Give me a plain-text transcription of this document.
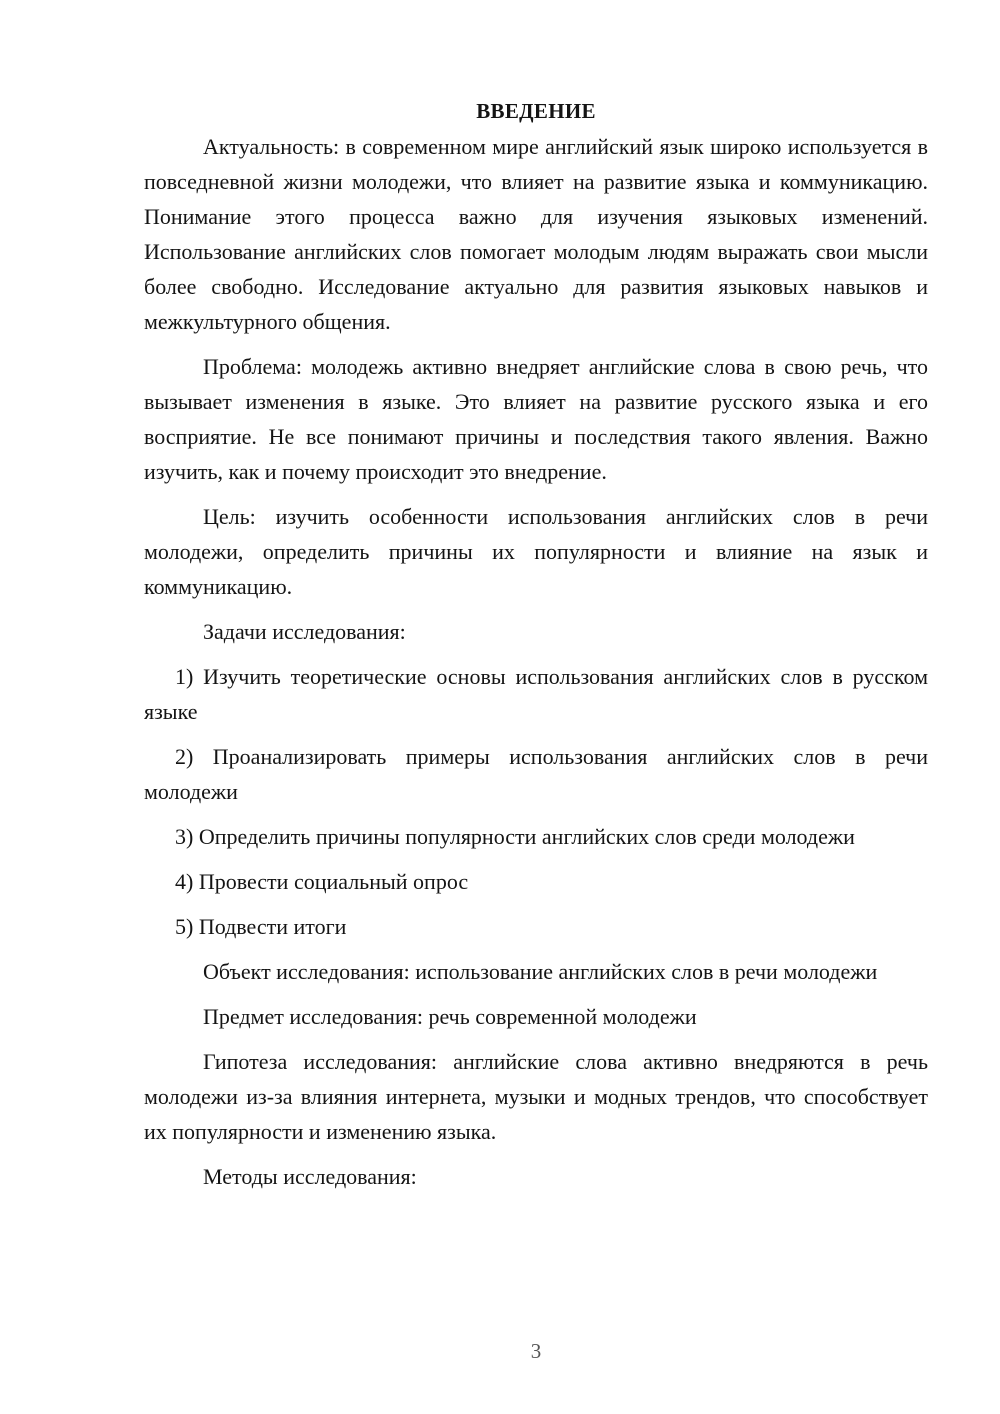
ВВЕДЕНИЕ

Актуальность: в современном мире английский язык широко используется в повседневной жизни молодежи, что влияет на развитие языка и коммуникацию. Понимание этого процесса важно для изучения языковых изменений. Использование английских слов помогает молодым людям выражать свои мысли более свободно. Исследование актуально для развития языковых навыков и межкультурного общения.

Проблема: молодежь активно внедряет английские слова в свою речь, что вызывает изменения в языке. Это влияет на развитие русского языка и его восприятие. Не все понимают причины и последствия такого явления. Важно изучить, как и почему происходит это внедрение.

Цель: изучить особенности использования английских слов в речи молодежи, определить причины их популярности и влияние на язык и коммуникацию.

Задачи исследования:

1) Изучить теоретические основы использования английских слов в русском языке

2) Проанализировать примеры использования английских слов в речи молодежи

3) Определить причины популярности английских слов среди молодежи

4) Провести социальный опрос

5) Подвести итоги

Объект исследования: использование английских слов в речи молодежи

Предмет исследования: речь современной молодежи

Гипотеза исследования: английские слова активно внедряются в речь молодежи из-за влияния интернета, музыки и модных трендов, что способствует их популярности и изменению языка.

Методы исследования:

3
